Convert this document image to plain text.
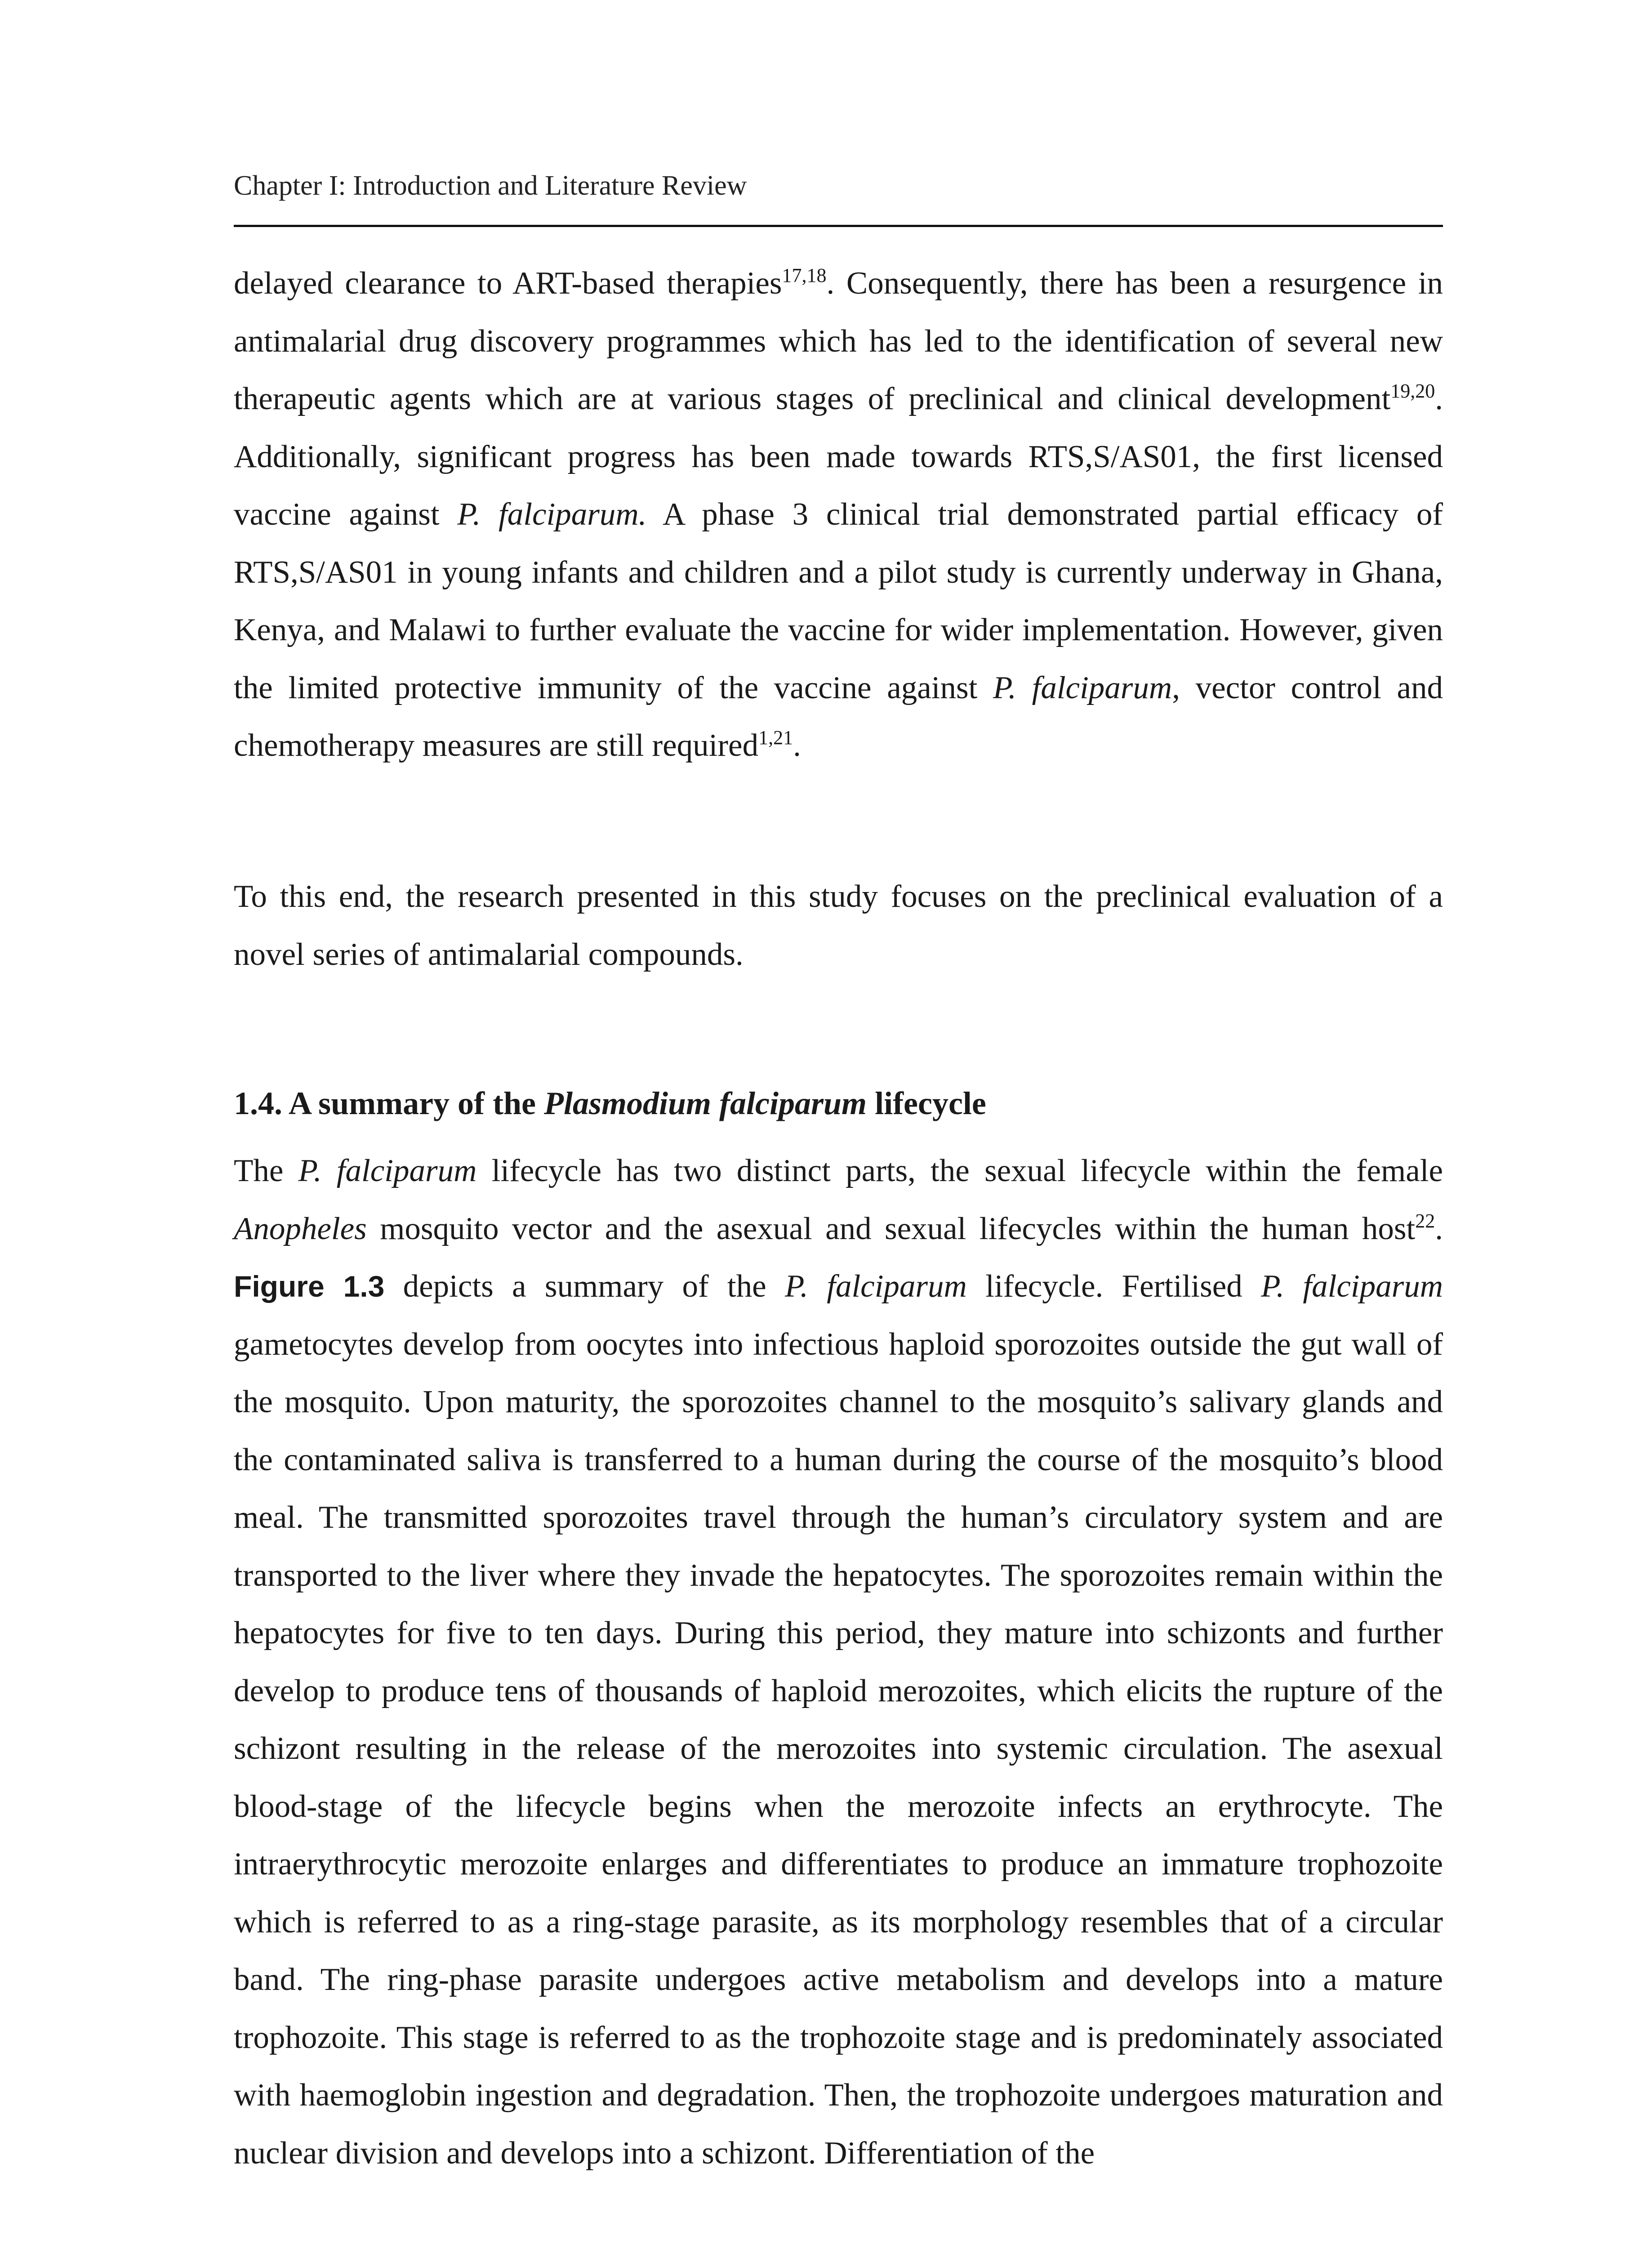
Chapter I: Introduction and Literature Review

delayed clearance to ART-based therapies$^{17,18}$. Consequently, there has been a resurgence in antimalarial drug discovery programmes which has led to the identification of several new therapeutic agents which are at various stages of preclinical and clinical development$^{19,20}$. Additionally, significant progress has been made towards RTS,S/AS01, the first licensed vaccine against P. falciparum. A phase 3 clinical trial demonstrated partial efficacy of RTS,S/AS01 in young infants and children and a pilot study is currently underway in Ghana, Kenya, and Malawi to further evaluate the vaccine for wider implementation. However, given the limited protective immunity of the vaccine against P. falciparum, vector control and chemotherapy measures are still required$^{1,21}$.

To this end, the research presented in this study focuses on the preclinical evaluation of a novel series of antimalarial compounds.

1.4. A summary of the Plasmodium falciparum lifecycle

The P. falciparum lifecycle has two distinct parts, the sexual lifecycle within the female Anopheles mosquito vector and the asexual and sexual lifecycles within the human host$^{22}$. Figure 1.3 depicts a summary of the P. falciparum lifecycle. Fertilised P. falciparum gametocytes develop from oocytes into infectious haploid sporozoites outside the gut wall of the mosquito. Upon maturity, the sporozoites channel to the mosquito’s salivary glands and the contaminated saliva is transferred to a human during the course of the mosquito’s blood meal. The transmitted sporozoites travel through the human’s circulatory system and are transported to the liver where they invade the hepatocytes. The sporozoites remain within the hepatocytes for five to ten days. During this period, they mature into schizonts and further develop to produce tens of thousands of haploid merozoites, which elicits the rupture of the schizont resulting in the release of the merozoites into systemic circulation. The asexual blood-stage of the lifecycle begins when the merozoite infects an erythrocyte. The intraerythrocytic merozoite enlarges and differentiates to produce an immature trophozoite which is referred to as a ring-stage parasite, as its morphology resembles that of a circular band. The ring-phase parasite undergoes active metabolism and develops into a mature trophozoite. This stage is referred to as the trophozoite stage and is predominately associated with haemoglobin ingestion and degradation. Then, the trophozoite undergoes maturation and nuclear division and develops into a schizont. Differentiation of the
